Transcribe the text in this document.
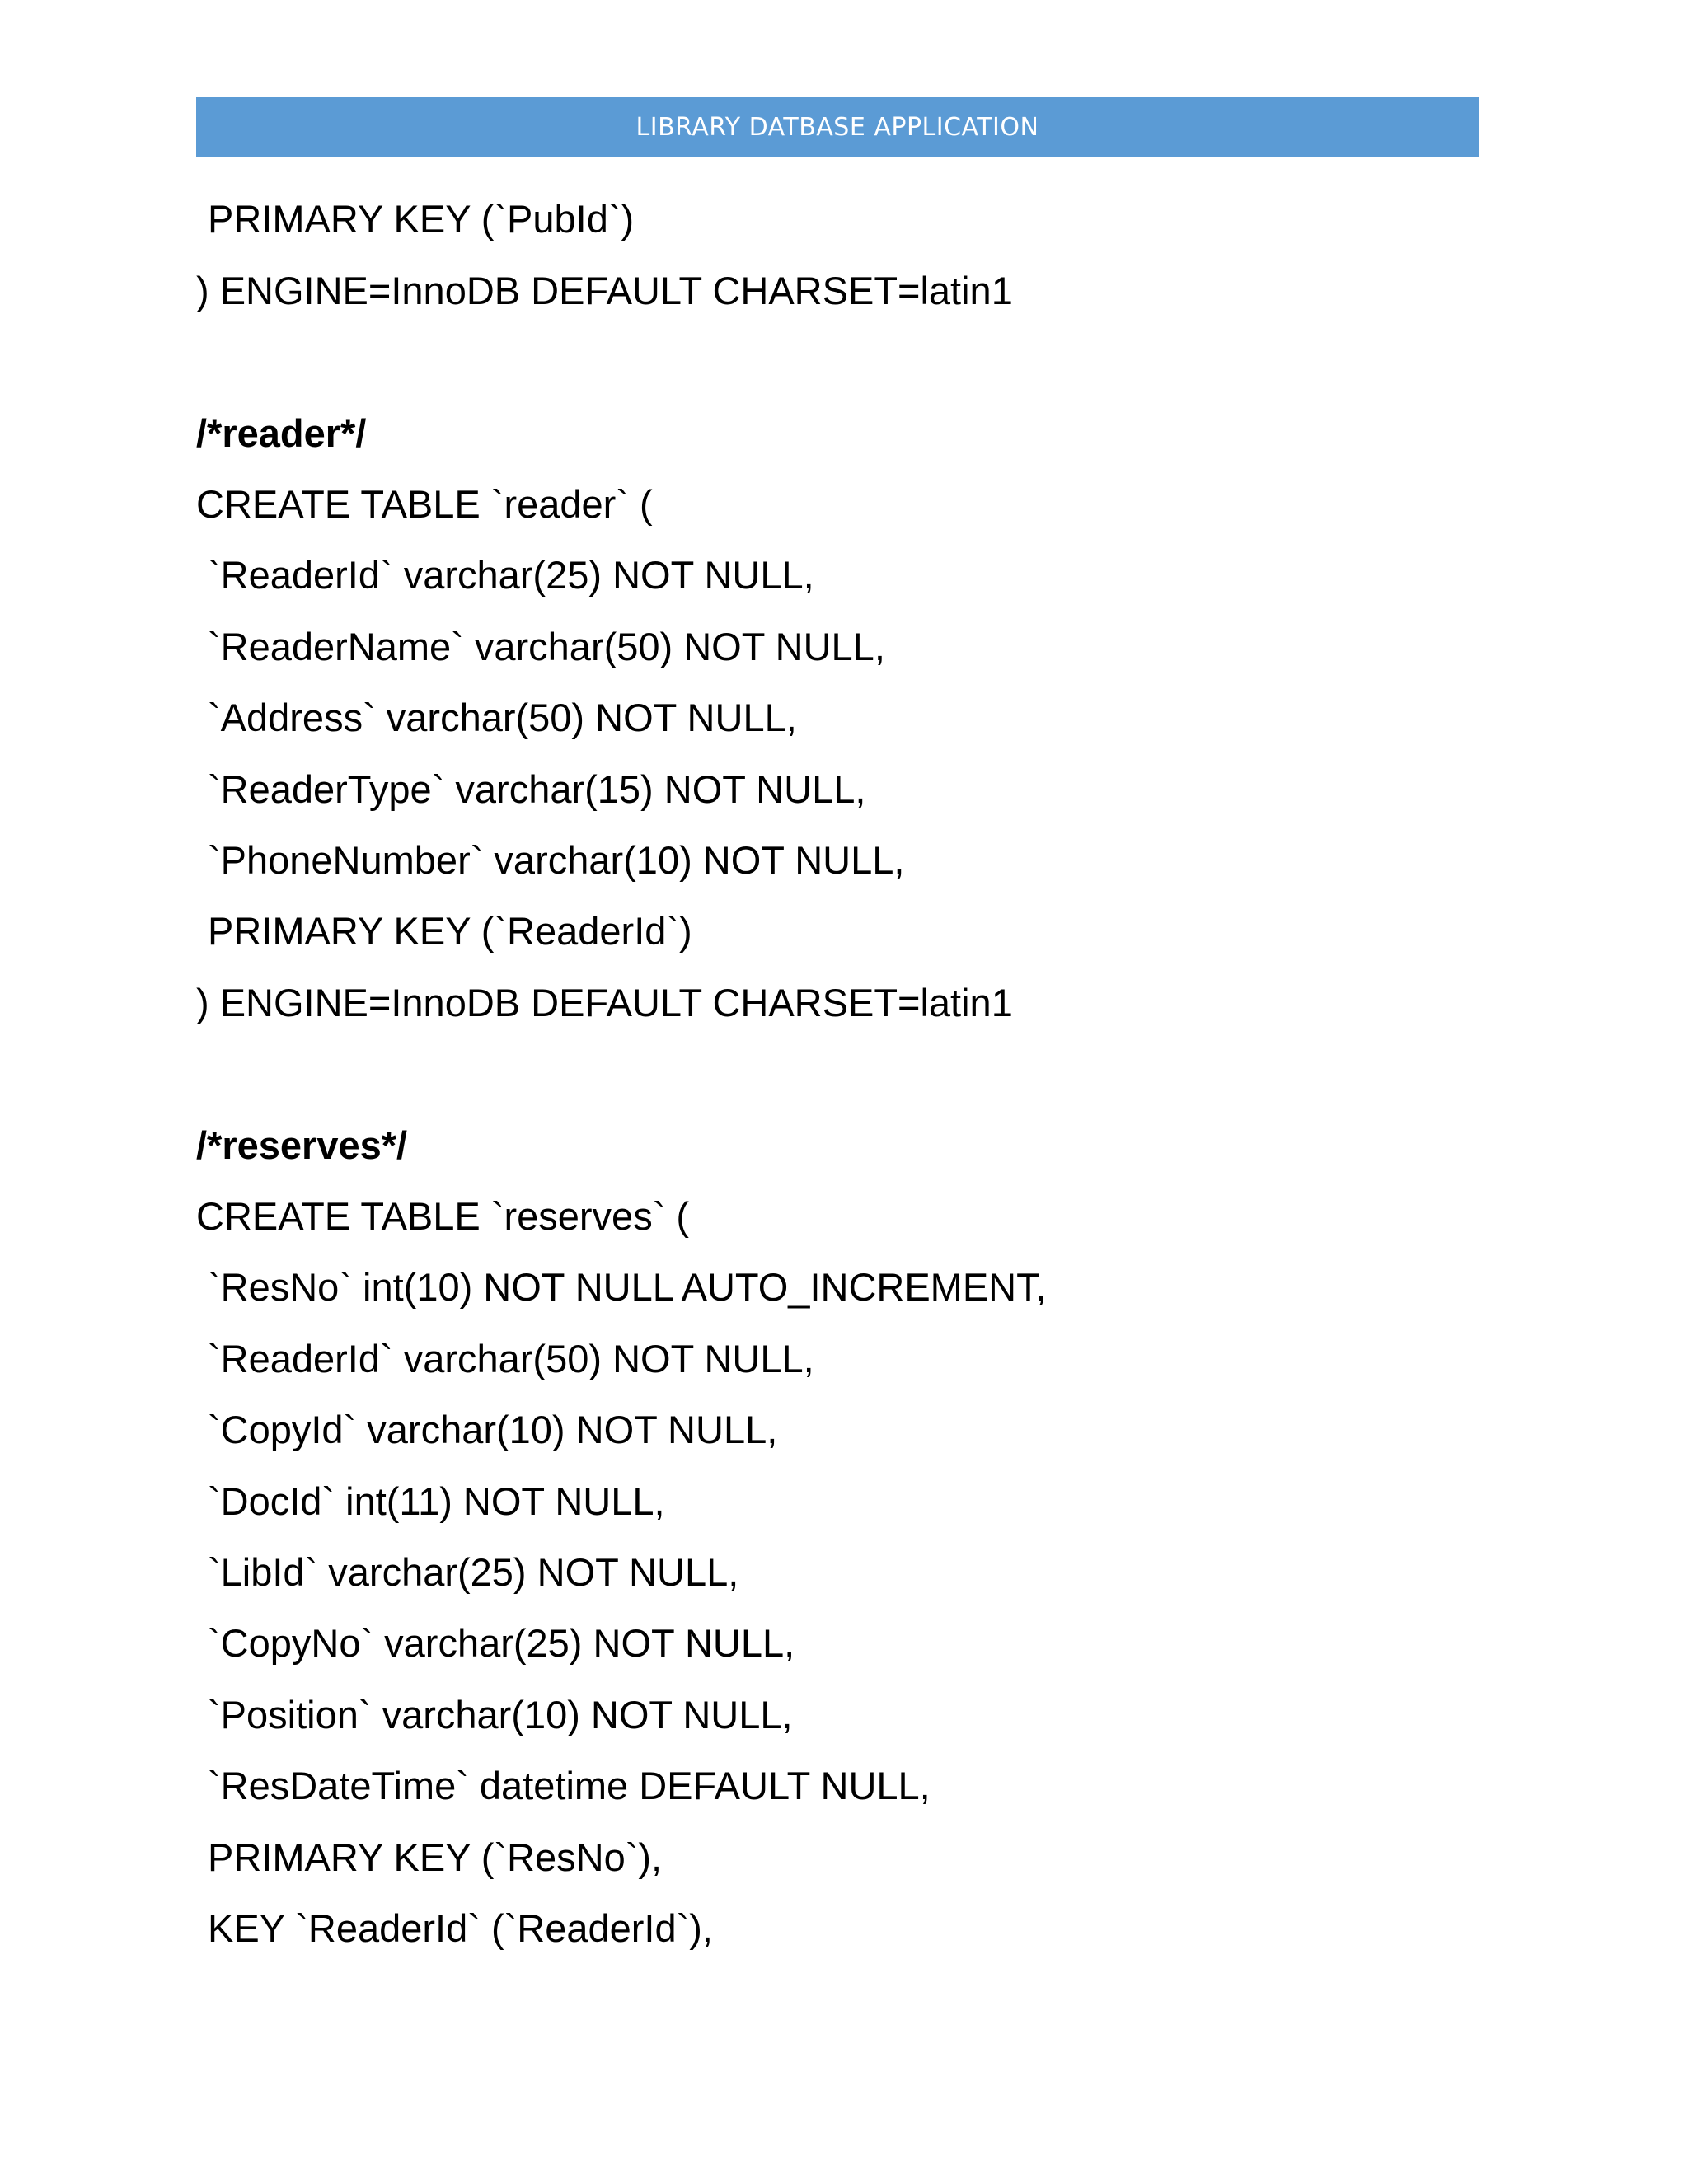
LIBRARY DATBASE APPLICATION
PRIMARY KEY (`PubId`)
) ENGINE=InnoDB DEFAULT CHARSET=latin1
/*reader*/
CREATE TABLE `reader` (
`ReaderId` varchar(25) NOT NULL,
`ReaderName` varchar(50) NOT NULL,
`Address` varchar(50) NOT NULL,
`ReaderType` varchar(15) NOT NULL,
`PhoneNumber` varchar(10) NOT NULL,
PRIMARY KEY (`ReaderId`)
) ENGINE=InnoDB DEFAULT CHARSET=latin1
/*reserves*/
CREATE TABLE `reserves` (
`ResNo` int(10) NOT NULL AUTO_INCREMENT,
`ReaderId` varchar(50) NOT NULL,
`CopyId` varchar(10) NOT NULL,
`DocId` int(11) NOT NULL,
`LibId` varchar(25) NOT NULL,
`CopyNo` varchar(25) NOT NULL,
`Position` varchar(10) NOT NULL,
`ResDateTime` datetime DEFAULT NULL,
PRIMARY KEY (`ResNo`),
KEY `ReaderId` (`ReaderId`),
